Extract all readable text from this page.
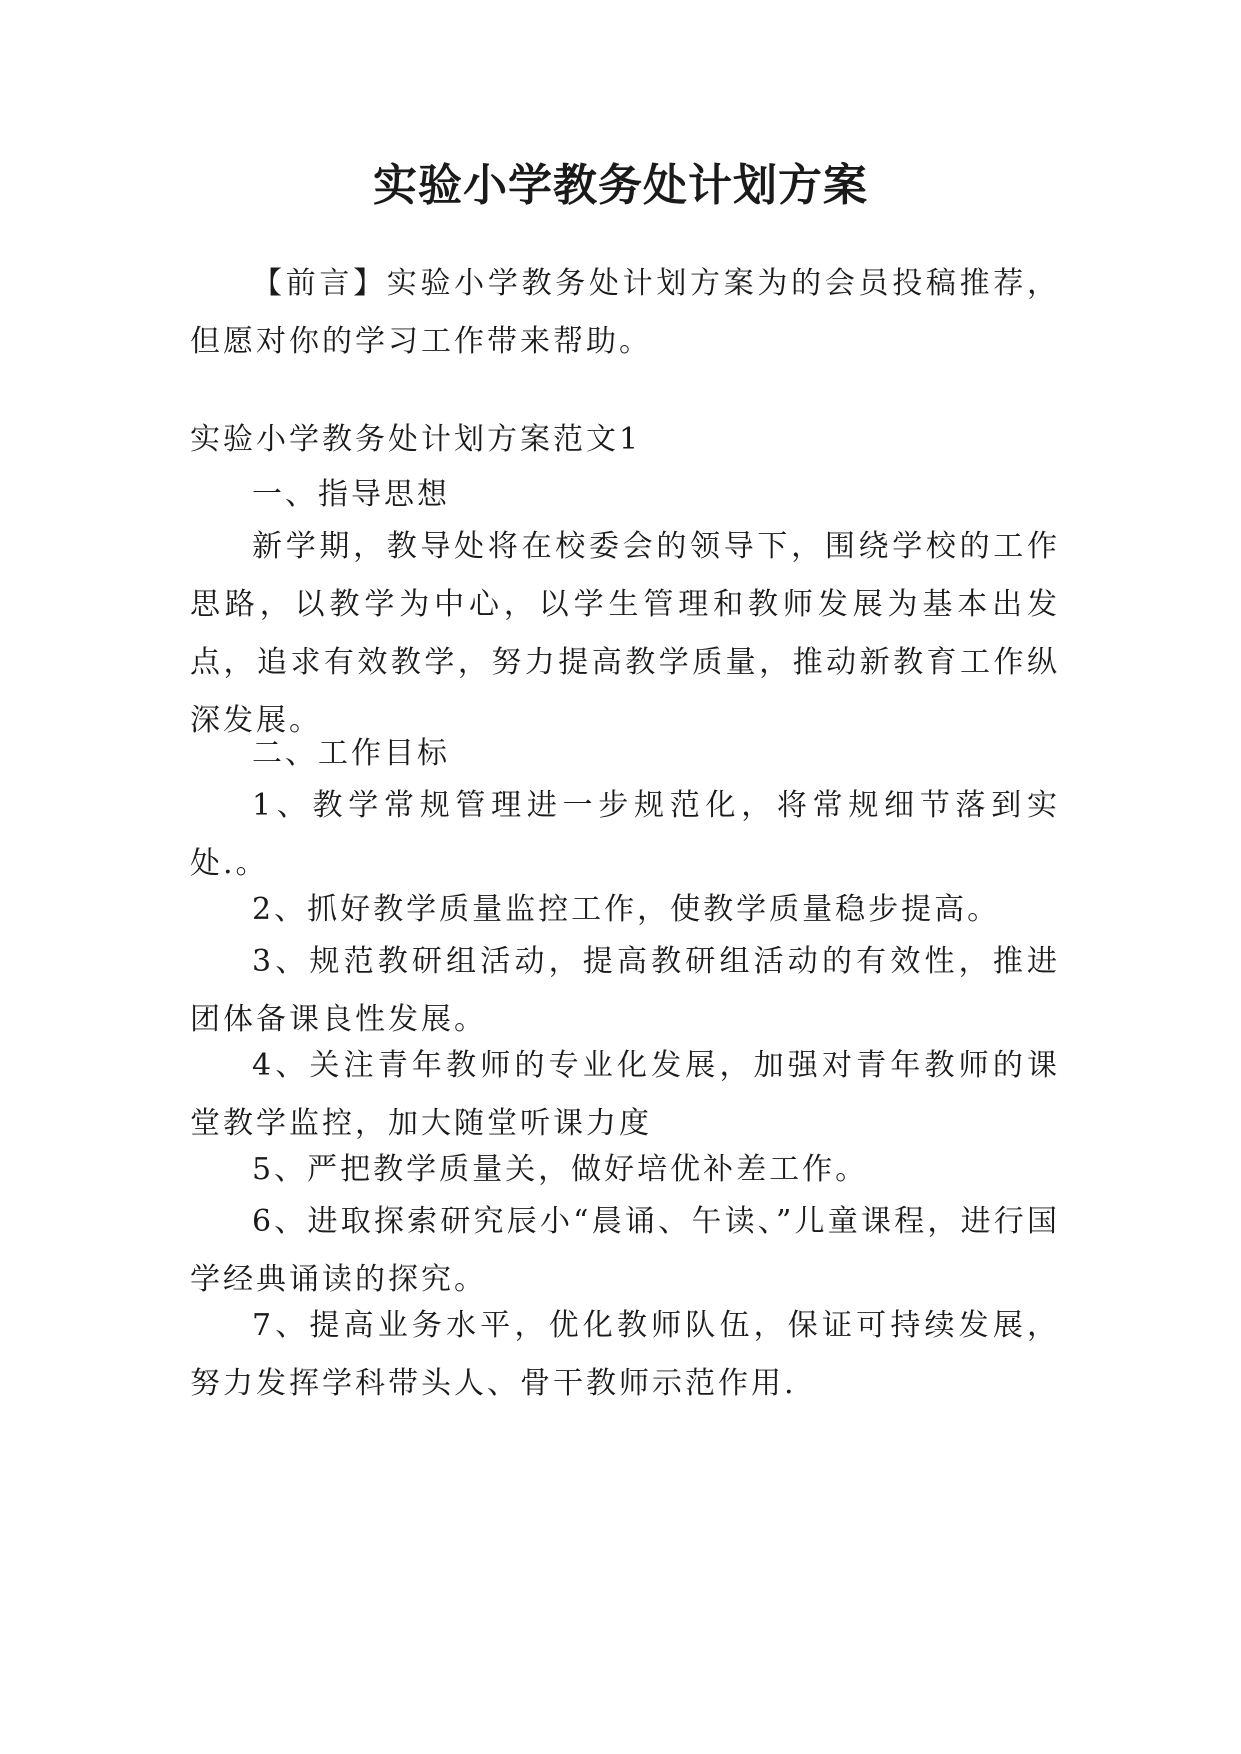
实验小学教务处计划方案
【前言】实验小学教务处计划方案为的会员投稿推荐，但愿对你的学习工作带来帮助。
实验小学教务处计划方案范文1
一、指导思想
新学期，教导处将在校委会的领导下，围绕学校的工作思路，以教学为中心，以学生管理和教师发展为基本出发点，追求有效教学，努力提高教学质量，推动新教育工作纵深发展。
二、工作目标
1、教学常规管理进一步规范化，将常规细节落到实处.。
2、抓好教学质量监控工作，使教学质量稳步提高。
3、规范教研组活动，提高教研组活动的有效性，推进团体备课良性发展。
4、关注青年教师的专业化发展，加强对青年教师的课堂教学监控，加大随堂听课力度
5、严把教学质量关，做好培优补差工作。
6、进取探索研究辰小“晨诵、午读、”儿童课程，进行国学经典诵读的探究。
7、提高业务水平，优化教师队伍，保证可持续发展，努力发挥学科带头人、骨干教师示范作用.
